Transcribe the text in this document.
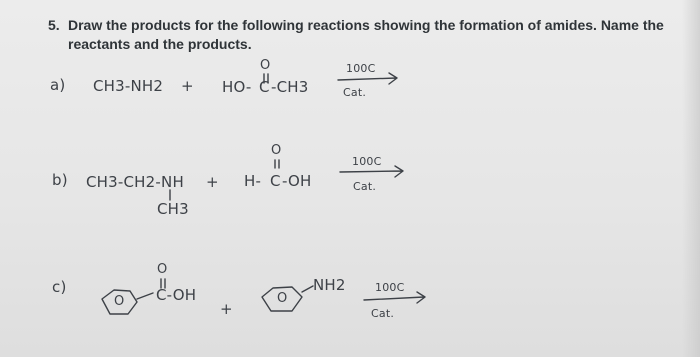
5. Draw the products for the following reactions showing the formation of amides. Name the reactants and the products.
a) CH3-NH2 + HO-
O
C -CH3
100C
Cat.
b) CH3-CH2-NH
CH3
+ H-
O
C -OH
100C
Cat.
c)
O
O
C-OH
+
O
NH2	100C
Cat.
